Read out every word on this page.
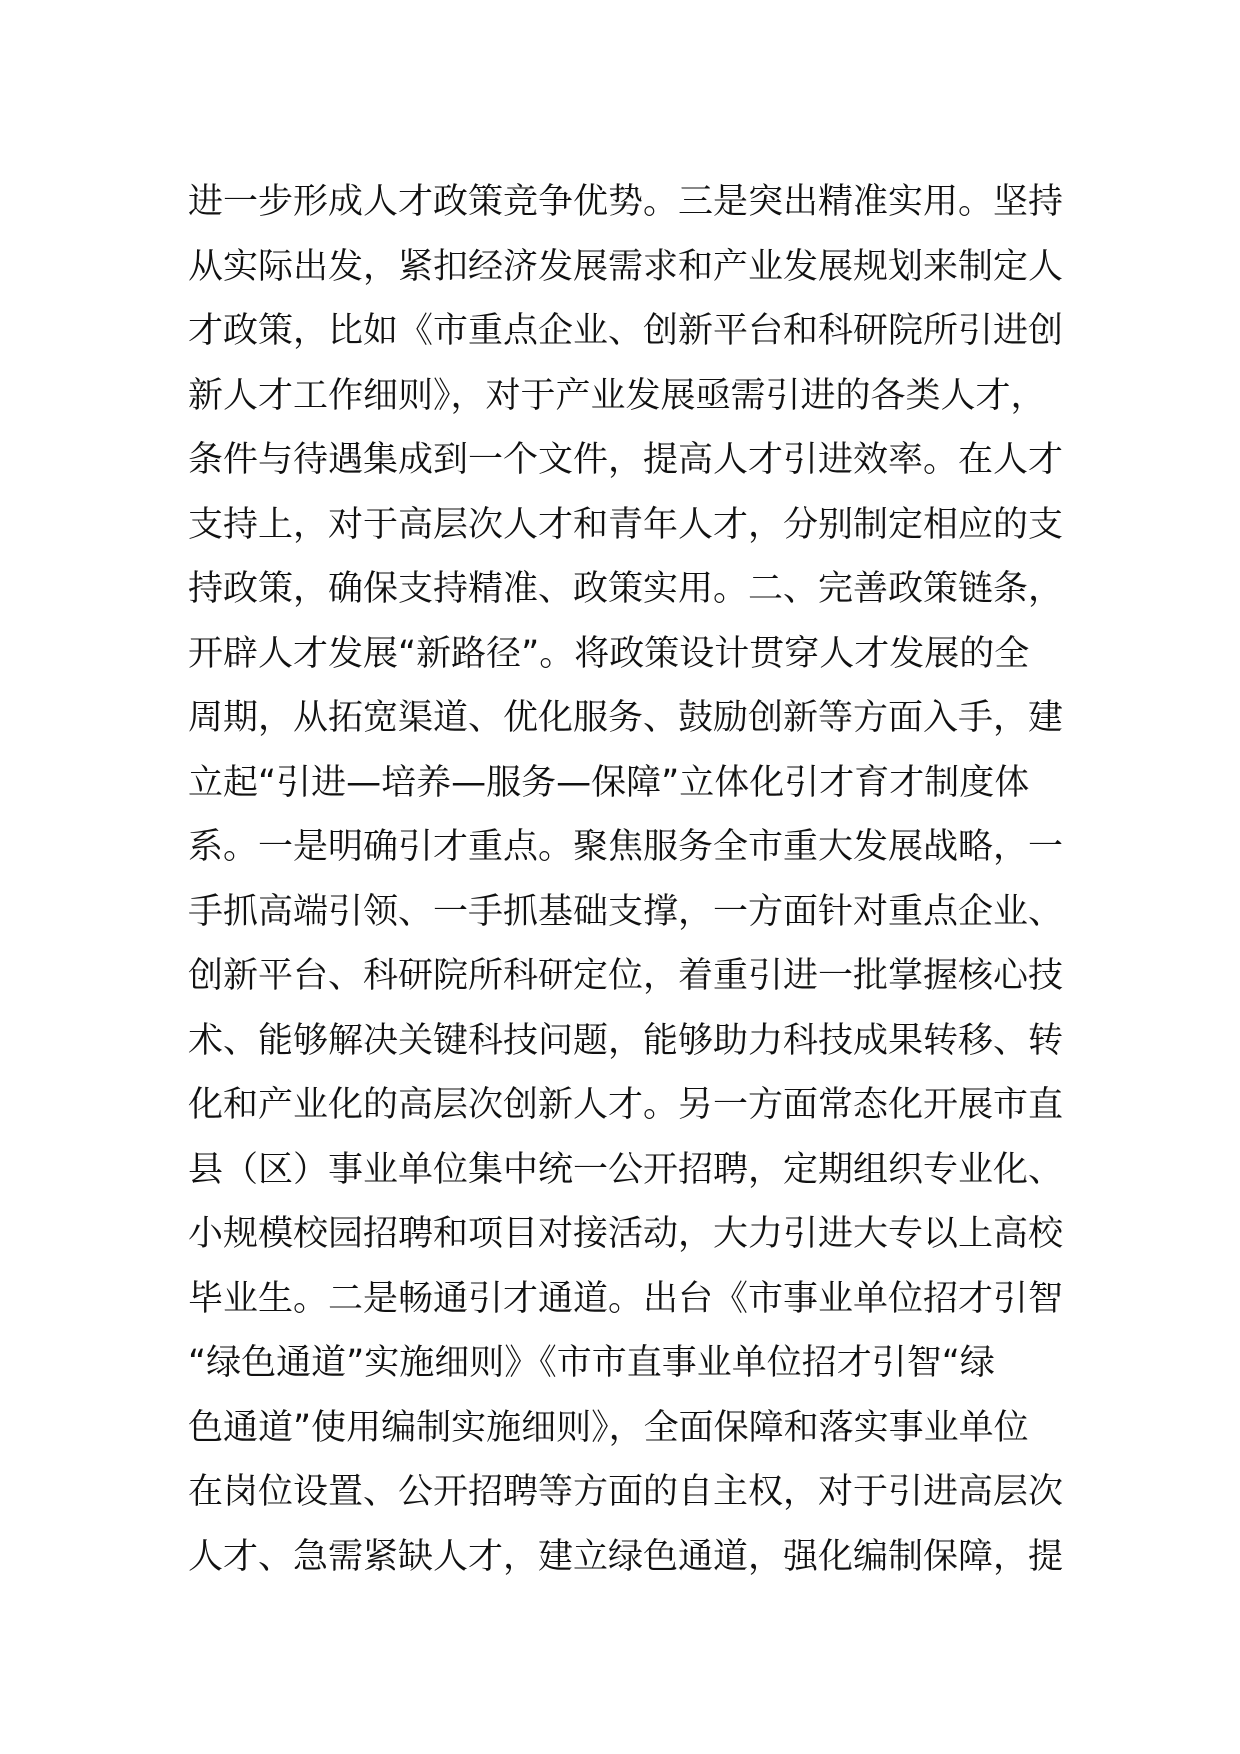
进一步形成人才政策竞争优势。三是突出精准实用。坚持
从实际出发，紧扣经济发展需求和产业发展规划来制定人
才政策，比如《市重点企业、创新平台和科研院所引进创
新人才工作细则》，对于产业发展亟需引进的各类人才，
条件与待遇集成到一个文件，提高人才引进效率。在人才
支持上，对于高层次人才和青年人才，分别制定相应的支
持政策，确保支持精准、政策实用。二、完善政策链条，
开辟人才发展“新路径”。将政策设计贯穿人才发展的全
周期，从拓宽渠道、优化服务、鼓励创新等方面入手，建
立起“引进—培养—服务—保障”立体化引才育才制度体
系。一是明确引才重点。聚焦服务全市重大发展战略，一
手抓高端引领、一手抓基础支撑，一方面针对重点企业、
创新平台、科研院所科研定位，着重引进一批掌握核心技
术、能够解决关键科技问题，能够助力科技成果转移、转
化和产业化的高层次创新人才。另一方面常态化开展市直
县（区）事业单位集中统一公开招聘，定期组织专业化、
小规模校园招聘和项目对接活动，大力引进大专以上高校
毕业生。二是畅通引才通道。出台《市事业单位招才引智
“绿色通道”实施细则》《市市直事业单位招才引智“绿
色通道”使用编制实施细则》，全面保障和落实事业单位
在岗位设置、公开招聘等方面的自主权，对于引进高层次
人才、急需紧缺人才，建立绿色通道，强化编制保障，提
